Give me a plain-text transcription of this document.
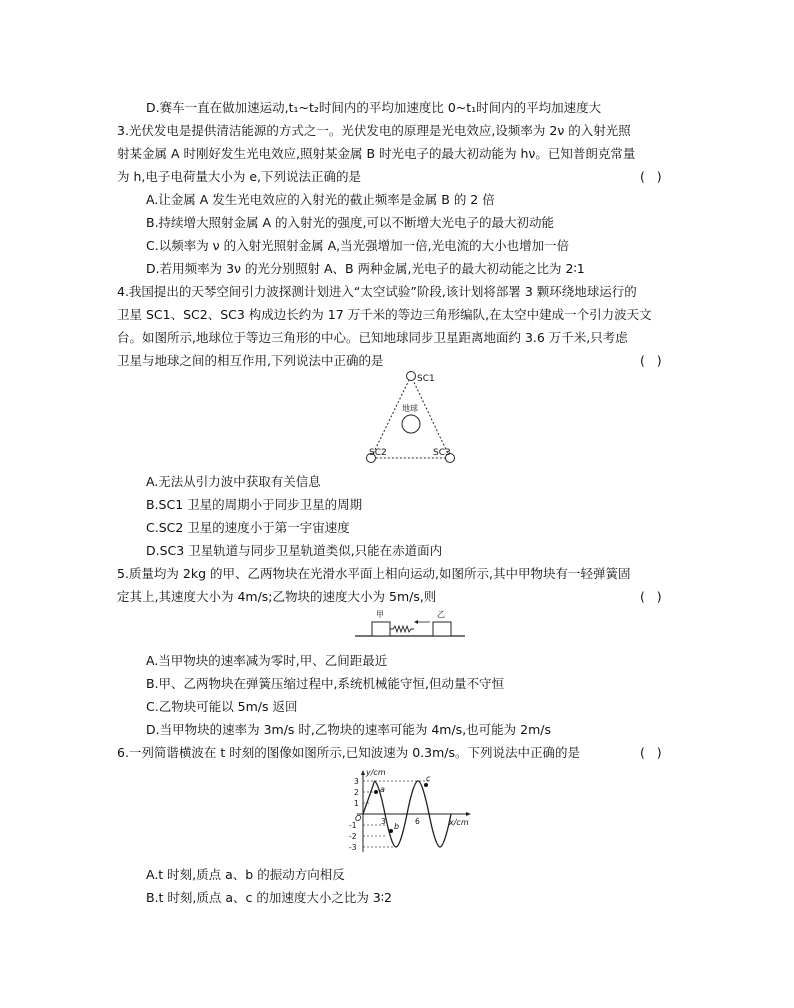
D.赛车一直在做加速运动,t₁~t₂时间内的平均加速度比 0~t₁时间内的平均加速度大
3.光伏发电是提供清洁能源的方式之一。光伏发电的原理是光电效应,设频率为 2ν 的入射光照
射某金属 A 时刚好发生光电效应,照射某金属 B 时光电子的最大初动能为 hν。已知普朗克常量
为 h,电子电荷量大小为 e,下列说法正确的是	(   )
A.让金属 A 发生光电效应的入射光的截止频率是金属 B 的 2 倍
B.持续增大照射金属 A 的入射光的强度,可以不断增大光电子的最大初动能
C.以频率为 ν 的入射光照射金属 A,当光强增加一倍,光电流的大小也增加一倍
D.若用频率为 3ν 的光分别照射 A、B 两种金属,光电子的最大初动能之比为 2∶1
4.我国提出的天琴空间引力波探测计划进入“太空试验”阶段,该计划将部署 3 颗环绕地球运行的
卫星 SC1、SC2、SC3 构成边长约为 17 万千米的等边三角形编队,在太空中建成一个引力波天文
台。如图所示,地球位于等边三角形的中心。已知地球同步卫星距离地面约 3.6 万千米,只考虑
卫星与地球之间的相互作用,下列说法中正确的是	(   )
SC1
SC2	SC3
地球
A.无法从引力波中获取有关信息
B.SC1 卫星的周期小于同步卫星的周期
C.SC2 卫星的速度小于第一宇宙速度
D.SC3 卫星轨道与同步卫星轨道类似,只能在赤道面内
5.质量均为 2kg 的甲、乙两物块在光滑水平面上相向运动,如图所示,其中甲物块有一轻弹簧固
定其上,其速度大小为 4m/s;乙物块的速度大小为 5m/s,则	(   )
甲	乙
A.当甲物块的速率减为零时,甲、乙间距最近
B.甲、乙两物块在弹簧压缩过程中,系统机械能守恒,但动量不守恒
C.乙物块可能以 5m/s 返回
D.当甲物块的速率为 3m/s 时,乙物块的速率可能为 4m/s,也可能为 2m/s
6.一列简谐横波在 t 时刻的图像如图所示,已知波速为 0.3m/s。下列说法中正确的是	(   )
y/cm
x/cm
O
3
2
1
-1
-2
-3
3	6
a
b
c
A.t 时刻,质点 a、b 的振动方向相反
B.t 时刻,质点 a、c 的加速度大小之比为 3∶2
